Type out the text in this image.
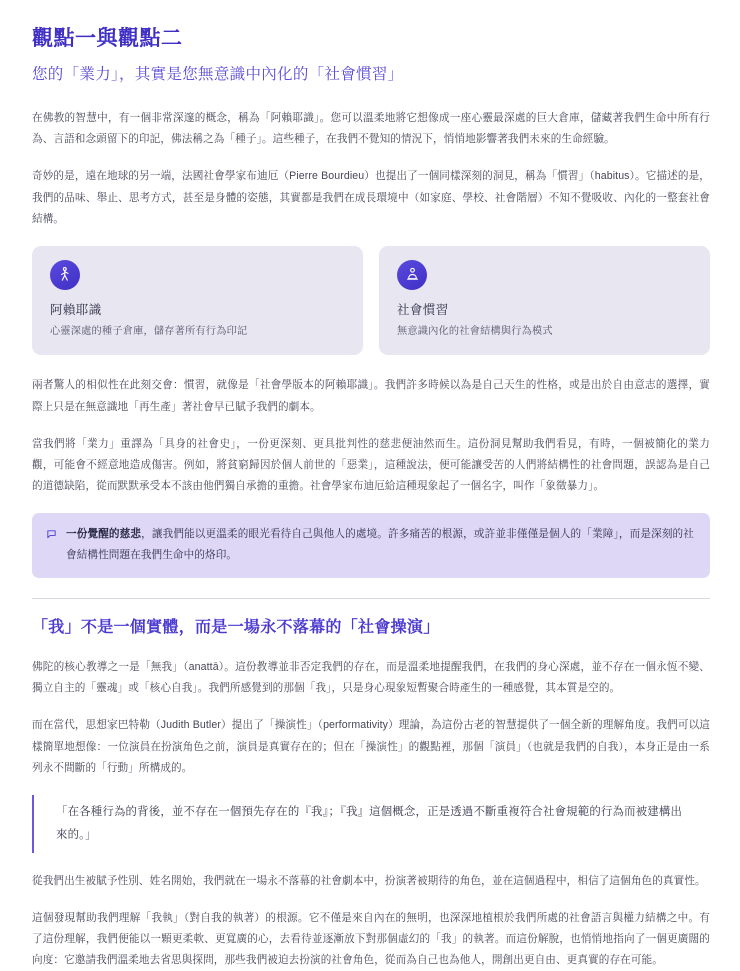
觀點一與觀點二
您的「業力」，其實是您無意識中內化的「社會慣習」

在佛教的智慧中，有一個非常深邃的概念，稱為「阿賴耶識」。您可以溫柔地將它想像成一座心靈最深處的巨大倉庫，儲藏著我們生命中所有行為、言語和念頭留下的印記，佛法稱之為「種子」。這些種子，在我們不覺知的情況下，悄悄地影響著我們未來的生命經驗。

奇妙的是，遠在地球的另一端，法國社會學家布迪厄（Pierre Bourdieu）也提出了一個同樣深刻的洞見，稱為「慣習」（habitus）。它描述的是，我們的品味、舉止、思考方式，甚至是身體的姿態，其實都是我們在成長環境中（如家庭、學校、社會階層）不知不覺吸收、內化的一整套社會結構。

阿賴耶識
心靈深處的種子倉庫，儲存著所有行為印記
社會慣習
無意識內化的社會結構與行為模式

兩者驚人的相似性在此刻交會：慣習，就像是「社會學版本的阿賴耶識」。我們許多時候以為是自己天生的性格，或是出於自由意志的選擇，實際上只是在無意識地「再生產」著社會早已賦予我們的劇本。

當我們將「業力」重譯為「具身的社會史」，一份更深刻、更具批判性的慈悲便油然而生。這份洞見幫助我們看見，有時，一個被簡化的業力觀，可能會不經意地造成傷害。例如，將貧窮歸因於個人前世的「惡業」，這種說法，便可能讓受苦的人們將結構性的社會問題，誤認為是自己的道德缺陷，從而默默承受本不該由他們獨自承擔的重擔。社會學家布迪厄給這種現象起了一個名字，叫作「象徵暴力」。

一份覺醒的慈悲，讓我們能以更溫柔的眼光看待自己與他人的處境。許多痛苦的根源，或許並非僅僅是個人的「業障」，而是深刻的社會結構性問題在我們生命中的烙印。
「我」不是一個實體，而是一場永不落幕的「社會操演」

佛陀的核心教導之一是「無我」（anattā）。這份教導並非否定我們的存在，而是溫柔地提醒我們，在我們的身心深處，並不存在一個永恆不變、獨立自主的「靈魂」或「核心自我」。我們所感覺到的那個「我」，只是身心現象短暫聚合時產生的一種感覺，其本質是空的。

而在當代，思想家巴特勒（Judith Butler）提出了「操演性」（performativity）理論，為這份古老的智慧提供了一個全新的理解角度。我們可以這樣簡單地想像：一位演員在扮演角色之前，演員是真實存在的；但在「操演性」的觀點裡，那個「演員」（也就是我們的自我），本身正是由一系列永不間斷的「行動」所構成的。

「在各種行為的背後，並不存在一個預先存在的『我』；『我』這個概念，正是透過不斷重複符合社會規範的行為而被建構出來的。」

從我們出生被賦予性別、姓名開始，我們就在一場永不落幕的社會劇本中，扮演著被期待的角色，並在這個過程中，相信了這個角色的真實性。

這個發現幫助我們理解「我執」（對自我的執著）的根源。它不僅是來自內在的無明，也深深地植根於我們所處的社會語言與權力結構之中。有了這份理解，我們便能以一顆更柔軟、更寬廣的心，去看待並逐漸放下對那個虛幻的「我」的執著。而這份解脫，也悄悄地指向了一個更廣闊的向度：它邀請我們溫柔地去省思與探問，那些我們被迫去扮演的社會角色，從而為自己也為他人，開創出更自由、更真實的存在可能。
